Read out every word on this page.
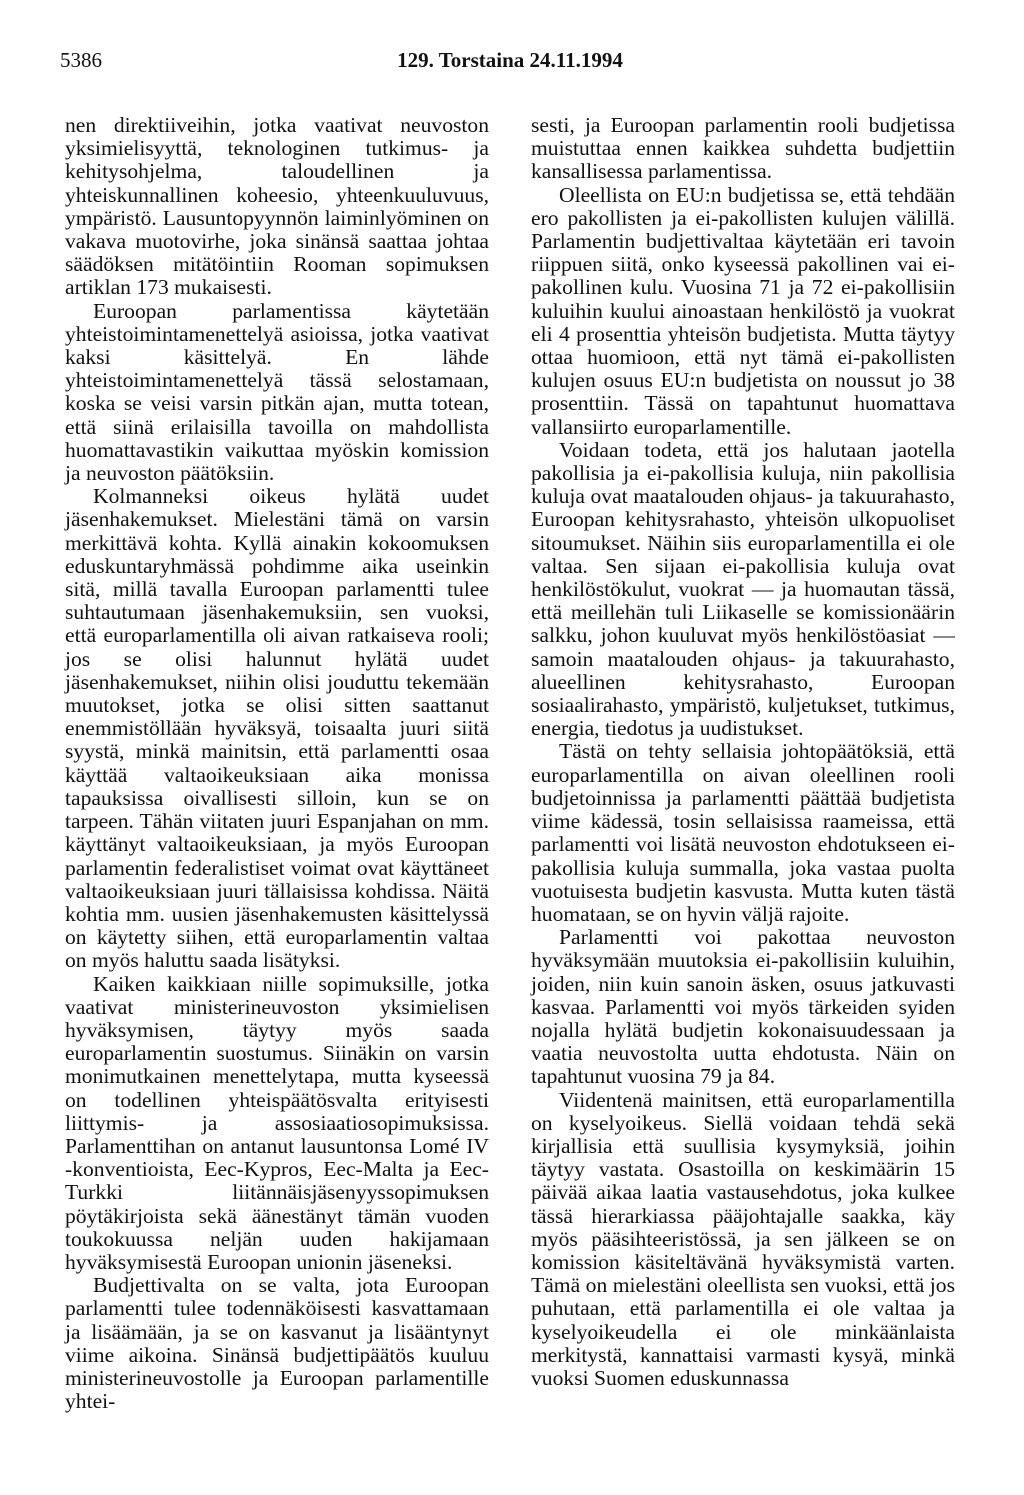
5386	129. Torstaina 24.11.1994

nen direktiiveihin, jotka vaativat neuvoston yksimielisyyttä, teknologinen tutkimus- ja kehitysohjelma, taloudellinen ja yhteiskunnallinen koheesio, yhteenkuuluvuus, ympäristö. Lausuntopyynnön laiminlyöminen on vakava muotovirhe, joka sinänsä saattaa johtaa säädöksen mitätöintiin Rooman sopimuksen artiklan 173 mukaisesti.

Euroopan parlamentissa käytetään yhteistoimintamenettelyä asioissa, jotka vaativat kaksi käsittelyä. En lähde yhteistoimintamenettelyä tässä selostamaan, koska se veisi varsin pitkän ajan, mutta totean, että siinä erilaisilla tavoilla on mahdollista huomattavastikin vaikuttaa myöskin komission ja neuvoston päätöksiin.

Kolmanneksi oikeus hylätä uudet jäsenhakemukset. Mielestäni tämä on varsin merkittävä kohta. Kyllä ainakin kokoomuksen eduskuntaryhmässä pohdimme aika useinkin sitä, millä tavalla Euroopan parlamentti tulee suhtautumaan jäsenhakemuksiin, sen vuoksi, että europarlamentilla oli aivan ratkaiseva rooli; jos se olisi halunnut hylätä uudet jäsenhakemukset, niihin olisi jouduttu tekemään muutokset, jotka se olisi sitten saattanut enemmistöllään hyväksyä, toisaalta juuri siitä syystä, minkä mainitsin, että parlamentti osaa käyttää valtaoikeuksiaan aika monissa tapauksissa oivallisesti silloin, kun se on tarpeen. Tähän viitaten juuri Espanjahan on mm. käyttänyt valtaoikeuksiaan, ja myös Euroopan parlamentin federalistiset voimat ovat käyttäneet valtaoikeuksiaan juuri tällaisissa kohdissa. Näitä kohtia mm. uusien jäsenhakemusten käsittelyssä on käytetty siihen, että europarlamentin valtaa on myös haluttu saada lisätyksi.

Kaiken kaikkiaan niille sopimuksille, jotka vaativat ministerineuvoston yksimielisen hyväksymisen, täytyy myös saada europarlamentin suostumus. Siinäkin on varsin monimutkainen menettelytapa, mutta kyseessä on todellinen yhteispäätösvalta erityisesti liittymis- ja assosiaatiosopimuksissa. Parlamenttihan on antanut lausuntonsa Lomé IV -konventioista, Eec-Kypros, Eec-Malta ja Eec-Turkki liitännäisjäsenyyssopimuksen pöytäkirjoista sekä äänestänyt tämän vuoden toukokuussa neljän uuden hakijamaan hyväksymisestä Euroopan unionin jäseneksi.

Budjettivalta on se valta, jota Euroopan parlamentti tulee todennäköisesti kasvattamaan ja lisäämään, ja se on kasvanut ja lisääntynyt viime aikoina. Sinänsä budjettipäätös kuuluu ministerineuvostolle ja Euroopan parlamentille yhtei-

sesti, ja Euroopan parlamentin rooli budjetissa muistuttaa ennen kaikkea suhdetta budjettiin kansallisessa parlamentissa.

Oleellista on EU:n budjetissa se, että tehdään ero pakollisten ja ei-pakollisten kulujen välillä. Parlamentin budjettivaltaa käytetään eri tavoin riippuen siitä, onko kyseessä pakollinen vai ei-pakollinen kulu. Vuosina 71 ja 72 ei-pakollisiin kuluihin kuului ainoastaan henkilöstö ja vuokrat eli 4 prosenttia yhteisön budjetista. Mutta täytyy ottaa huomioon, että nyt tämä ei-pakollisten kulujen osuus EU:n budjetista on noussut jo 38 prosenttiin. Tässä on tapahtunut huomattava vallansiirto europarlamentille.

Voidaan todeta, että jos halutaan jaotella pakollisia ja ei-pakollisia kuluja, niin pakollisia kuluja ovat maatalouden ohjaus- ja takuurahasto, Euroopan kehitysrahasto, yhteisön ulkopuoliset sitoumukset. Näihin siis europarlamentilla ei ole valtaa. Sen sijaan ei-pakollisia kuluja ovat henkilöstökulut, vuokrat — ja huomautan tässä, että meillehän tuli Liikaselle se komissionäärin salkku, johon kuuluvat myös henkilöstöasiat — samoin maatalouden ohjaus- ja takuurahasto, alueellinen kehitysrahasto, Euroopan sosiaalirahasto, ympäristö, kuljetukset, tutkimus, energia, tiedotus ja uudistukset.

Tästä on tehty sellaisia johtopäätöksiä, että europarlamentilla on aivan oleellinen rooli budjetoinnissa ja parlamentti päättää budjetista viime kädessä, tosin sellaisissa raameissa, että parlamentti voi lisätä neuvoston ehdotukseen ei-pakollisia kuluja summalla, joka vastaa puolta vuotuisesta budjetin kasvusta. Mutta kuten tästä huomataan, se on hyvin väljä rajoite.

Parlamentti voi pakottaa neuvoston hyväksymään muutoksia ei-pakollisiin kuluihin, joiden, niin kuin sanoin äsken, osuus jatkuvasti kasvaa. Parlamentti voi myös tärkeiden syiden nojalla hylätä budjetin kokonaisuudessaan ja vaatia neuvostolta uutta ehdotusta. Näin on tapahtunut vuosina 79 ja 84.

Viidentenä mainitsen, että europarlamentilla on kyselyoikeus. Siellä voidaan tehdä sekä kirjallisia että suullisia kysymyksiä, joihin täytyy vastata. Osastoilla on keskimäärin 15 päivää aikaa laatia vastausehdotus, joka kulkee tässä hierarkiassa pääjohtajalle saakka, käy myös pääsihteeristössä, ja sen jälkeen se on komission käsiteltävänä hyväksymistä varten. Tämä on mielestäni oleellista sen vuoksi, että jos puhutaan, että parlamentilla ei ole valtaa ja kyselyoikeudella ei ole minkäänlaista merkitystä, kannattaisi varmasti kysyä, minkä vuoksi Suomen eduskunnassa
